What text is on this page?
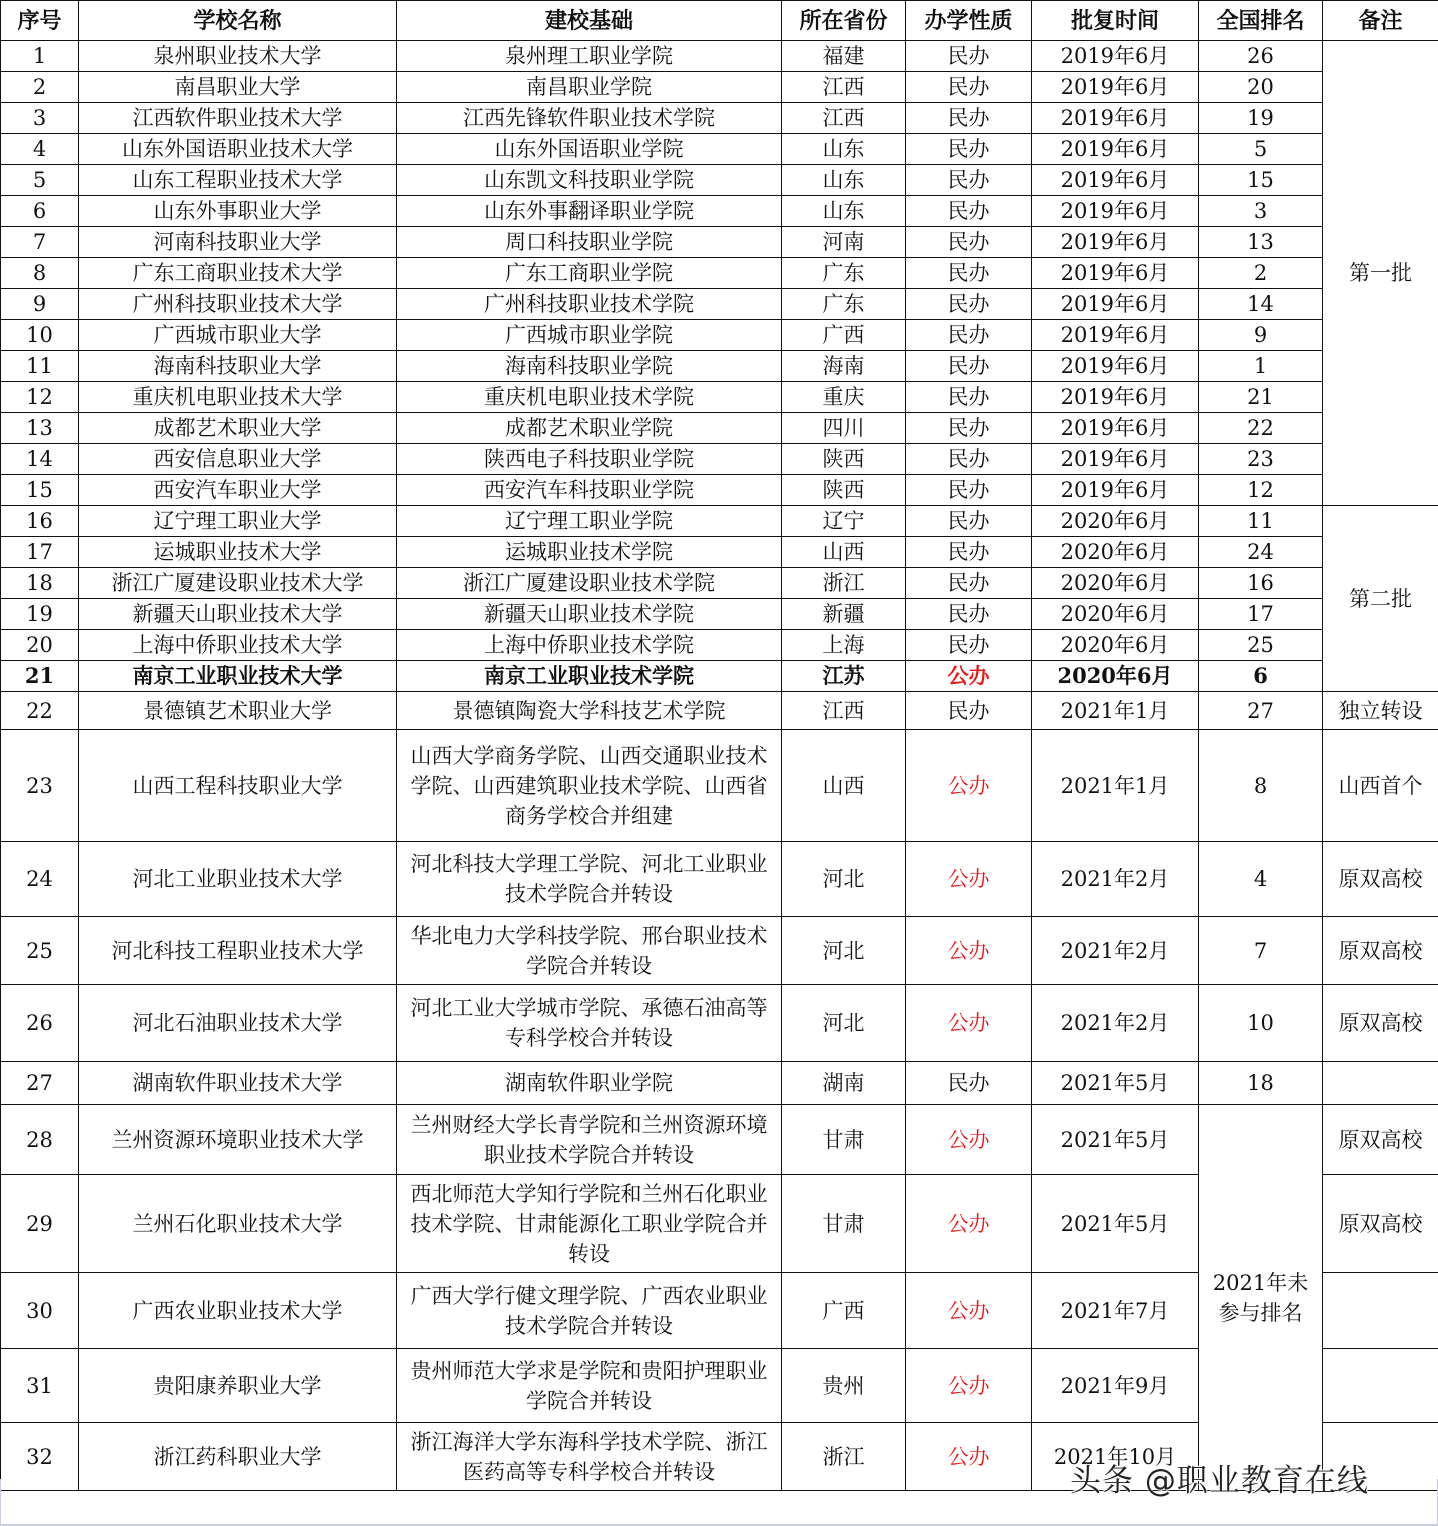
序号	学校名称	建校基础	所在省份	办学性质	批复时间	全国排名	备注
1	泉州职业技术大学	泉州理工职业学院	福建	民办	2019年6月	26	第一批
2	南昌职业大学	南昌职业学院	江西	民办	2019年6月	20	
3	江西软件职业技术大学	江西先锋软件职业技术学院	江西	民办	2019年6月	19	
4	山东外国语职业技术大学	山东外国语职业学院	山东	民办	2019年6月	5	
5	山东工程职业技术大学	山东凯文科技职业学院	山东	民办	2019年6月	15	
6	山东外事职业大学	山东外事翻译职业学院	山东	民办	2019年6月	3	
7	河南科技职业大学	周口科技职业学院	河南	民办	2019年6月	13	
8	广东工商职业技术大学	广东工商职业学院	广东	民办	2019年6月	2	
9	广州科技职业技术大学	广州科技职业技术学院	广东	民办	2019年6月	14	
10	广西城市职业大学	广西城市职业学院	广西	民办	2019年6月	9	
11	海南科技职业大学	海南科技职业学院	海南	民办	2019年6月	1	
12	重庆机电职业技术大学	重庆机电职业技术学院	重庆	民办	2019年6月	21	
13	成都艺术职业大学	成都艺术职业学院	四川	民办	2019年6月	22	
14	西安信息职业大学	陕西电子科技职业学院	陕西	民办	2019年6月	23	
15	西安汽车职业大学	西安汽车科技职业学院	陕西	民办	2019年6月	12	
16	辽宁理工职业大学	辽宁理工职业学院	辽宁	民办	2020年6月	11	第二批
17	运城职业技术大学	运城职业技术学院	山西	民办	2020年6月	24	
18	浙江广厦建设职业技术大学	浙江广厦建设职业技术学院	浙江	民办	2020年6月	16	
19	新疆天山职业技术大学	新疆天山职业技术学院	新疆	民办	2020年6月	17	
20	上海中侨职业技术大学	上海中侨职业技术学院	上海	民办	2020年6月	25	
21	南京工业职业技术大学	南京工业职业技术学院	江苏	公办	2020年6月	6	
22	景德镇艺术职业大学	景德镇陶瓷大学科技艺术学院	江西	民办	2021年1月	27	独立转设
23	山西工程科技职业大学	山西大学商务学院、山西交通职业技术学院、山西建筑职业技术学院、山西省商务学校合并组建	山西	公办	2021年1月	8	山西首个
24	河北工业职业技术大学	河北科技大学理工学院、河北工业职业技术学院合并转设	河北	公办	2021年2月	4	原双高校
25	河北科技工程职业技术大学	华北电力大学科技学院、邢台职业技术学院合并转设	河北	公办	2021年2月	7	原双高校
26	河北石油职业技术大学	河北工业大学城市学院、承德石油高等专科学校合并转设	河北	公办	2021年2月	10	原双高校
27	湖南软件职业技术大学	湖南软件职业学院	湖南	民办	2021年5月	18	
28	兰州资源环境职业技术大学	兰州财经大学长青学院和兰州资源环境职业技术学院合并转设	甘肃	公办	2021年5月	2021年未参与排名	原双高校
29	兰州石化职业技术大学	西北师范大学知行学院和兰州石化职业技术学院、甘肃能源化工职业学院合并转设	甘肃	公办	2021年5月		原双高校
30	广西农业职业技术大学	广西大学行健文理学院、广西农业职业技术学院合并转设	广西	公办	2021年7月		
31	贵阳康养职业大学	贵州师范大学求是学院和贵阳护理职业学院合并转设	贵州	公办	2021年9月		
32	浙江药科职业大学	浙江海洋大学东海科学技术学院、浙江医药高等专科学校合并转设	浙江	公办	2021年10月		
头条 @职业教育在线
